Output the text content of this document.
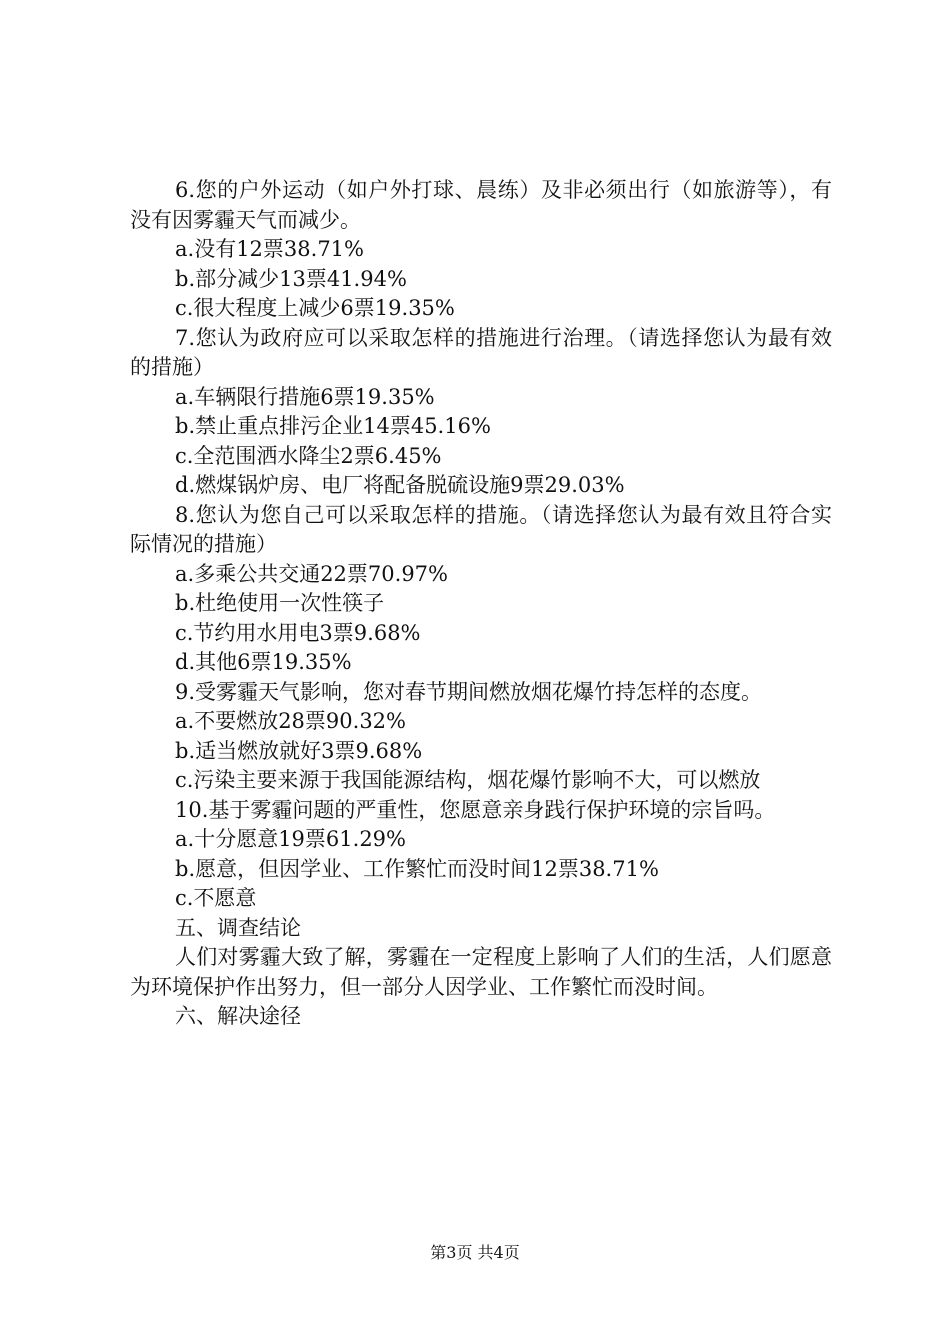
6.您的户外运动（如户外打球、晨练）及非必须出行（如旅游等），有没有因雾霾天气而减少。
a.没有12票38.71%
b.部分减少13票41.94%
c.很大程度上减少6票19.35%
7.您认为政府应可以采取怎样的措施进行治理。（请选择您认为最有效的措施）
a.车辆限行措施6票19.35%
b.禁止重点排污企业14票45.16%
c.全范围洒水降尘2票6.45%
d.燃煤锅炉房、电厂将配备脱硫设施9票29.03%
8.您认为您自己可以采取怎样的措施。（请选择您认为最有效且符合实际情况的措施）
a.多乘公共交通22票70.97%
b.杜绝使用一次性筷子
c.节约用水用电3票9.68%
d.其他6票19.35%
9.受雾霾天气影响，您对春节期间燃放烟花爆竹持怎样的态度。
a.不要燃放28票90.32%
b.适当燃放就好3票9.68%
c.污染主要来源于我国能源结构，烟花爆竹影响不大，可以燃放
10.基于雾霾问题的严重性，您愿意亲身践行保护环境的宗旨吗。
a.十分愿意19票61.29%
b.愿意，但因学业、工作繁忙而没时间12票38.71%
c.不愿意
五、调查结论
人们对雾霾大致了解，雾霾在一定程度上影响了人们的生活，人们愿意为环境保护作出努力，但一部分人因学业、工作繁忙而没时间。
六、解决途径
第3页 共4页
